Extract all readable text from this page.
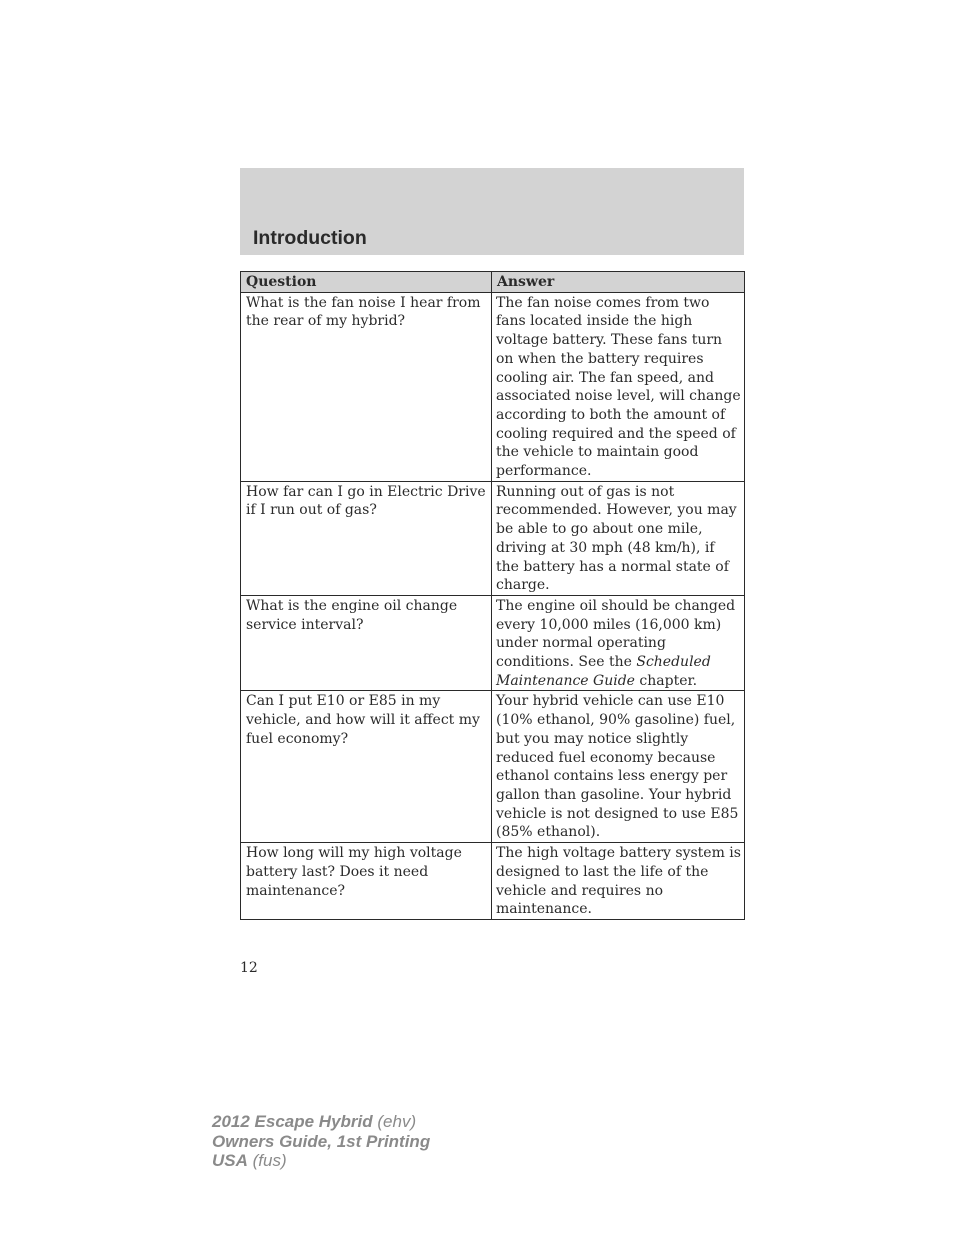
Introduction
Question	Answer
What is the fan noise I hear from the rear of my hybrid?	The fan noise comes from two fans located inside the high voltage battery. These fans turn on when the battery requires cooling air. The fan speed, and associated noise level, will change according to both the amount of cooling required and the speed of the vehicle to maintain good performance.
How far can I go in Electric Drive if I run out of gas?	Running out of gas is not recommended. However, you may be able to go about one mile, driving at 30 mph (48 km/h), if the battery has a normal state of charge.
What is the engine oil change service interval?	The engine oil should be changed every 10,000 miles (16,000 km) under normal operating conditions. See the Scheduled Maintenance Guide chapter.
Can I put E10 or E85 in my vehicle, and how will it affect my fuel economy?	Your hybrid vehicle can use E10 (10% ethanol, 90% gasoline) fuel, but you may notice slightly reduced fuel economy because ethanol contains less energy per gallon than gasoline. Your hybrid vehicle is not designed to use E85 (85% ethanol).
How long will my high voltage battery last? Does it need maintenance?	The high voltage battery system is designed to last the life of the vehicle and requires no maintenance.
12
2012 Escape Hybrid (ehv)
Owners Guide, 1st Printing
USA (fus)
